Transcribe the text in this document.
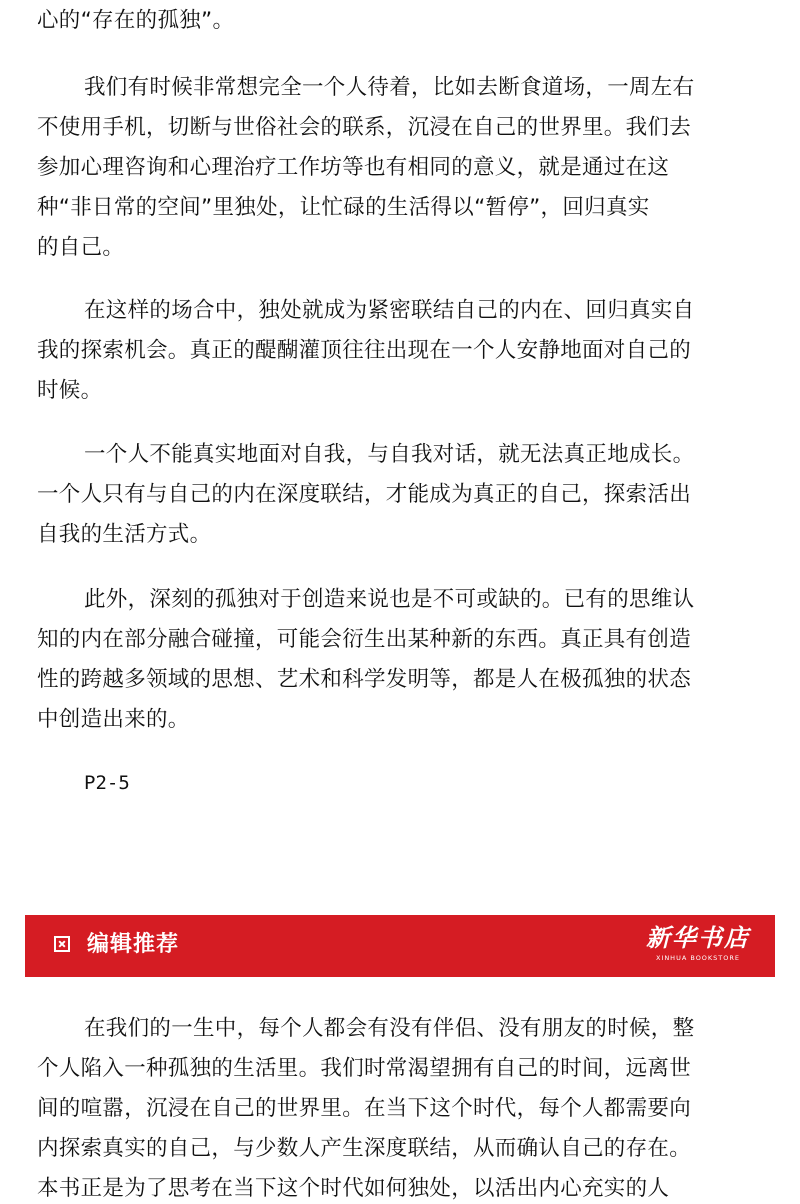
心的“存在的孤独”。
我们有时候非常想完全一个人待着，比如去断食道场，一周左右
不使用手机，切断与世俗社会的联系，沉浸在自己的世界里。我们去
参加心理咨询和心理治疗工作坊等也有相同的意义，就是通过在这
种“非日常的空间”里独处，让忙碌的生活得以“暂停”，回归真实
的自己。
在这样的场合中，独处就成为紧密联结自己的内在、回归真实自
我的探索机会。真正的醍醐灌顶往往出现在一个人安静地面对自己的
时候。
一个人不能真实地面对自我，与自我对话，就无法真正地成长。
一个人只有与自己的内在深度联结，才能成为真正的自己，探索活出
自我的生活方式。
此外，深刻的孤独对于创造来说也是不可或缺的。已有的思维认
知的内在部分融合碰撞，可能会衍生出某种新的东西。真正具有创造
性的跨越多领域的思想、艺术和科学发明等，都是人在极孤独的状态
中创造出来的。
P2-5
编辑推荐	新华书店
XINHUA BOOKSTORE
在我们的一生中，每个人都会有没有伴侣、没有朋友的时候，整
个人陷入一种孤独的生活里。我们时常渴望拥有自己的时间，远离世
间的喧嚣，沉浸在自己的世界里。在当下这个时代，每个人都需要向
内探索真实的自己，与少数人产生深度联结，从而确认自己的存在。
本书正是为了思考在当下这个时代如何独处，以活出内心充实的人
